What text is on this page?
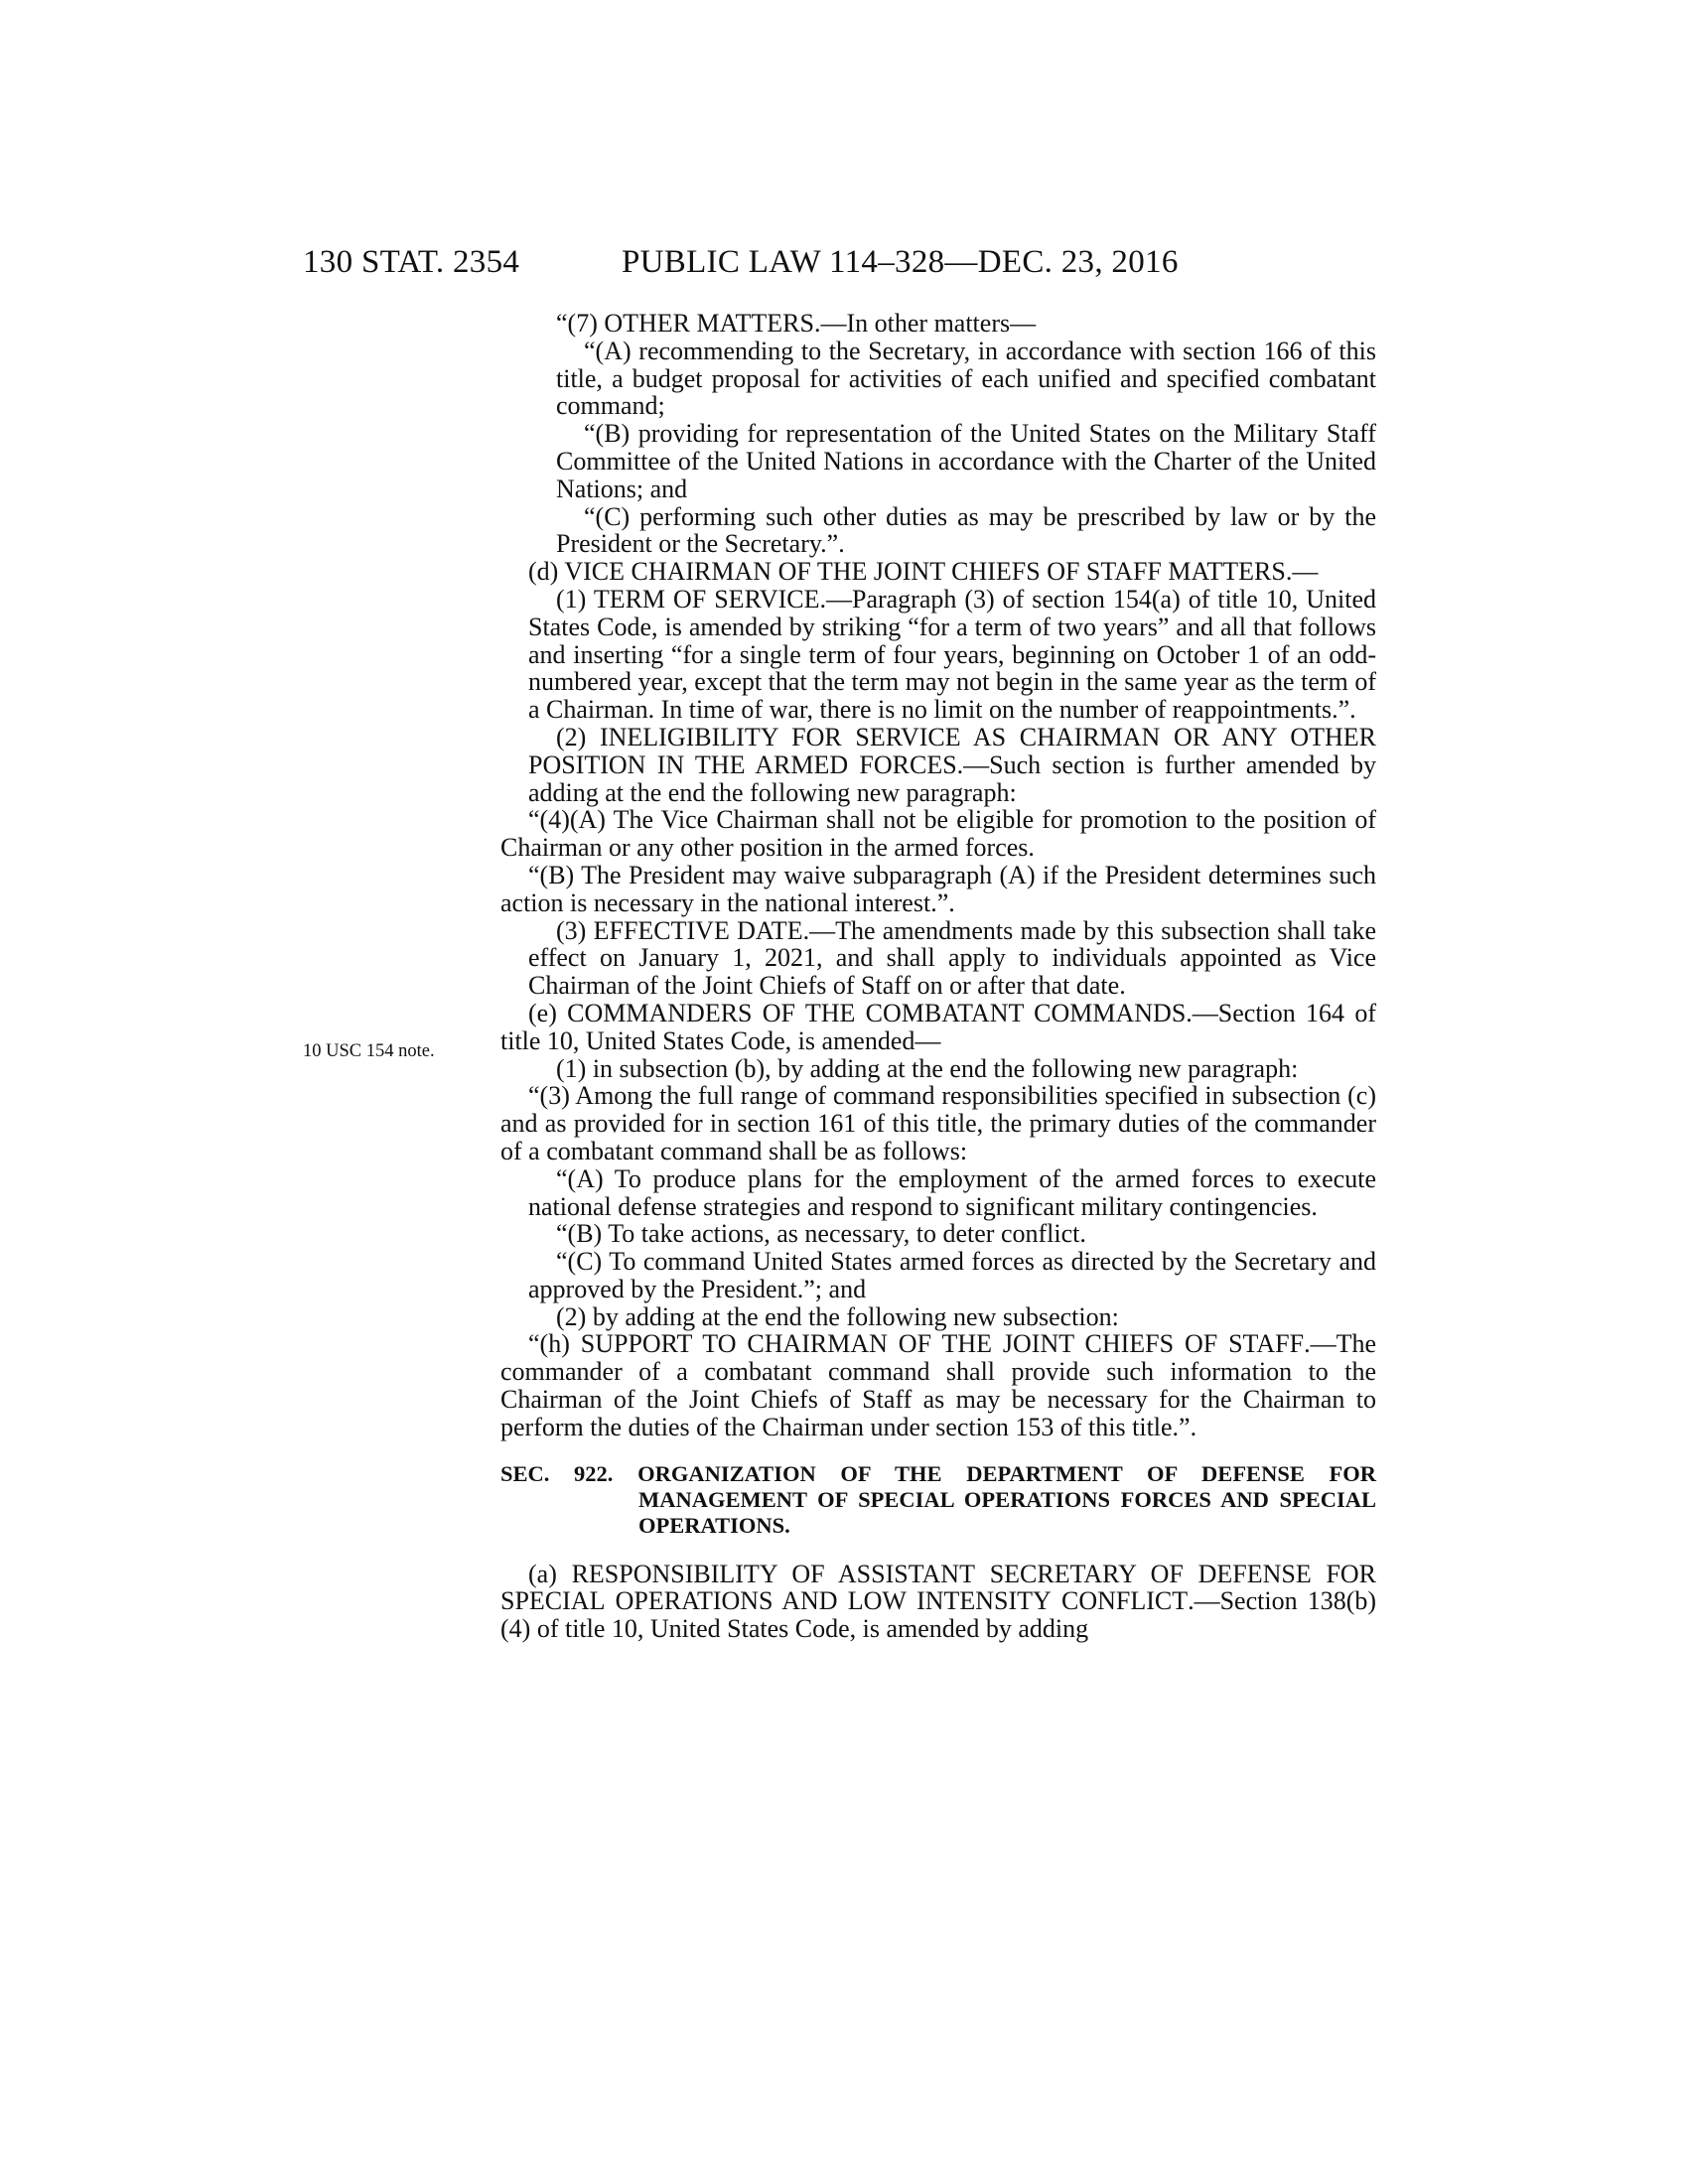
130 STAT. 2354	PUBLIC LAW 114–328—DEC. 23, 2016
10 USC 154 note.

“(7) OTHER MATTERS.—In other matters—

“(A) recommending to the Secretary, in accordance with section 166 of this title, a budget proposal for activities of each unified and specified combatant command;

“(B) providing for representation of the United States on the Military Staff Committee of the United Nations in accordance with the Charter of the United Nations; and

“(C) performing such other duties as may be prescribed by law or by the President or the Secretary.”.

(d) VICE CHAIRMAN OF THE JOINT CHIEFS OF STAFF MATTERS.—

(1) TERM OF SERVICE.—Paragraph (3) of section 154(a) of title 10, United States Code, is amended by striking “for a term of two years” and all that follows and inserting “for a single term of four years, beginning on October 1 of an odd-numbered year, except that the term may not begin in the same year as the term of a Chairman. In time of war, there is no limit on the number of reappointments.”.

(2) INELIGIBILITY FOR SERVICE AS CHAIRMAN OR ANY OTHER POSITION IN THE ARMED FORCES.—Such section is further amended by adding at the end the following new paragraph:

“(4)(A) The Vice Chairman shall not be eligible for promotion to the position of Chairman or any other position in the armed forces.

“(B) The President may waive subparagraph (A) if the President determines such action is necessary in the national interest.”.

(3) EFFECTIVE DATE.—The amendments made by this subsection shall take effect on January 1, 2021, and shall apply to individuals appointed as Vice Chairman of the Joint Chiefs of Staff on or after that date.

(e) COMMANDERS OF THE COMBATANT COMMANDS.—Section 164 of title 10, United States Code, is amended—

(1) in subsection (b), by adding at the end the following new paragraph:

“(3) Among the full range of command responsibilities specified in subsection (c) and as provided for in section 161 of this title, the primary duties of the commander of a combatant command shall be as follows:

“(A) To produce plans for the employment of the armed forces to execute national defense strategies and respond to significant military contingencies.

“(B) To take actions, as necessary, to deter conflict.

“(C) To command United States armed forces as directed by the Secretary and approved by the President.”; and

(2) by adding at the end the following new subsection:

“(h) SUPPORT TO CHAIRMAN OF THE JOINT CHIEFS OF STAFF.—The commander of a combatant command shall provide such information to the Chairman of the Joint Chiefs of Staff as may be necessary for the Chairman to perform the duties of the Chairman under section 153 of this title.”.

SEC. 922. ORGANIZATION OF THE DEPARTMENT OF DEFENSE FOR MANAGEMENT OF SPECIAL OPERATIONS FORCES AND SPECIAL OPERATIONS.

(a) RESPONSIBILITY OF ASSISTANT SECRETARY OF DEFENSE FOR SPECIAL OPERATIONS AND LOW INTENSITY CONFLICT.—Section 138(b)(4) of title 10, United States Code, is amended by adding
